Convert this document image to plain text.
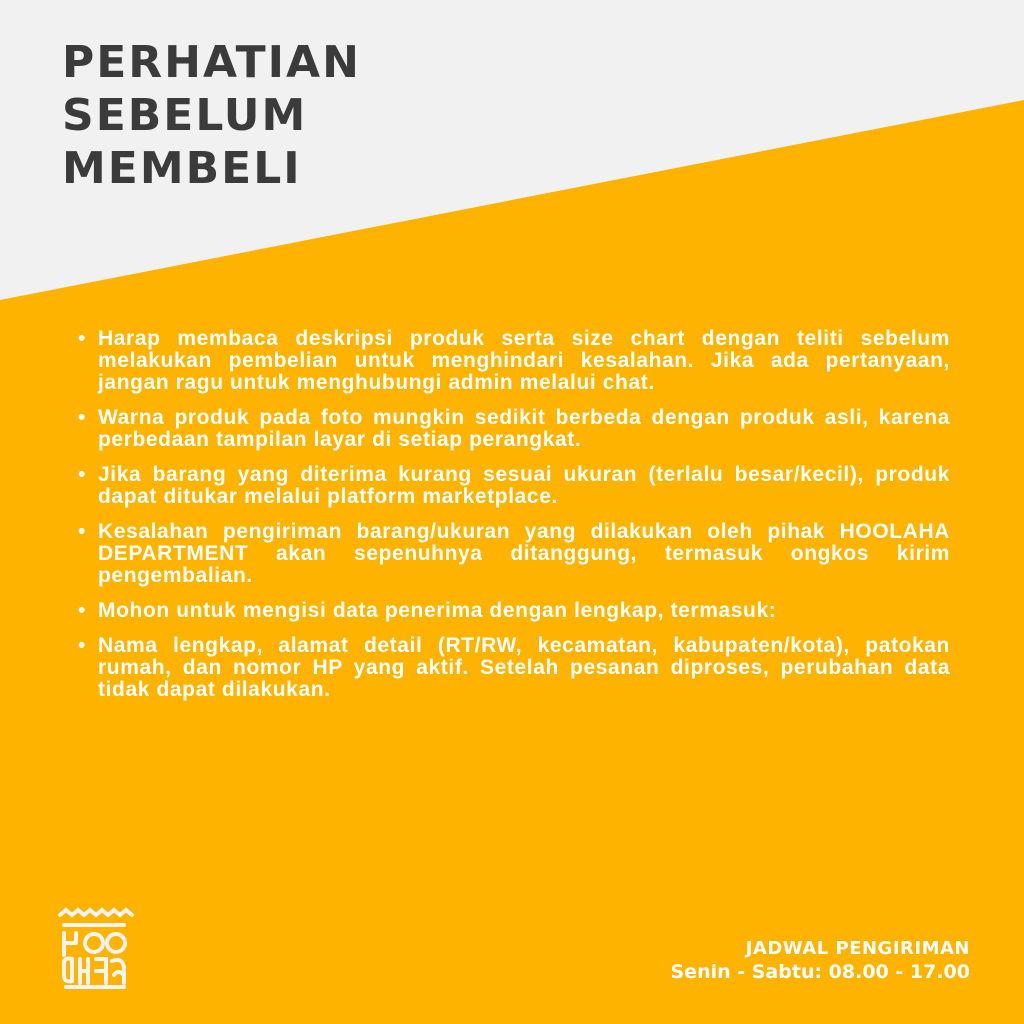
PERHATIAN
SEBELUM
MEMBELI
• Harap membaca deskripsi produk serta size chart dengan teliti sebelum melakukan pembelian untuk menghindari kesalahan. Jika ada pertanyaan, jangan ragu untuk menghubungi admin melalui chat.
• Warna produk pada foto mungkin sedikit berbeda dengan produk asli, karena perbedaan tampilan layar di setiap perangkat.
• Jika barang yang diterima kurang sesuai ukuran (terlalu besar/kecil), produk dapat ditukar melalui platform marketplace.
• Kesalahan pengiriman barang/ukuran yang dilakukan oleh pihak HOOLAHA DEPARTMENT akan sepenuhnya ditanggung, termasuk ongkos kirim pengembalian.
• Mohon untuk mengisi data penerima dengan lengkap, termasuk:
• Nama lengkap, alamat detail (RT/RW, kecamatan, kabupaten/kota), patokan rumah, dan nomor HP yang aktif. Setelah pesanan diproses, perubahan data tidak dapat dilakukan.
JADWAL PENGIRIMAN
Senin - Sabtu: 08.00 - 17.00
